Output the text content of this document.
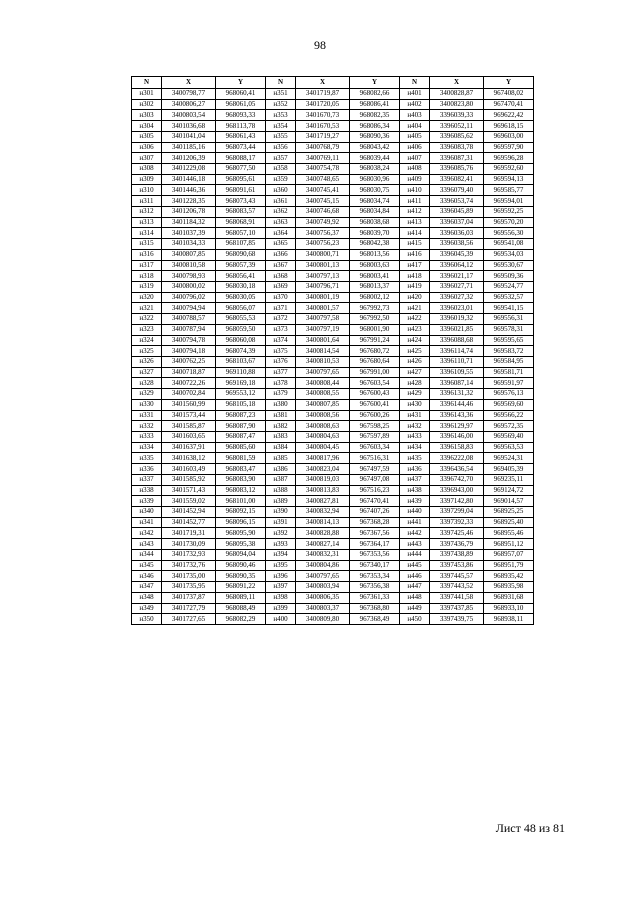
98
N	X	Y	N	X	Y	N	X	Y
н301	3400798,77	968060,41	н351	3401719,87	968082,66	н401	3400828,87	967408,02
н302	3400806,27	968061,05	н352	3401720,05	968086,41	н402	3400823,80	967470,41
н303	3400803,54	968093,33	н353	3401670,73	968082,35	н403	3396039,33	969622,42
н304	3401036,68	968113,78	н354	3401670,53	968086,34	н404	3396052,11	969618,15
н305	3401041,04	968061,43	н355	3401719,27	968090,36	н405	3396085,62	969603,00
н306	3401185,16	968073,44	н356	3400768,79	968043,42	н406	3396083,78	969597,90
н307	3401206,39	968088,17	н357	3400769,11	968039,44	н407	3396087,31	969596,28
н308	3401229,08	968077,50	н358	3400754,78	968038,24	н408	3396085,76	969592,60
н309	3401446,18	968095,61	н359	3400748,65	968030,96	н409	3396082,41	969594,13
н310	3401446,36	968091,61	н360	3400745,41	968030,75	н410	3396079,40	969585,77
н311	3401228,35	968073,43	н361	3400745,15	968034,74	н411	3396053,74	969594,01
н312	3401206,78	968083,57	н362	3400746,68	968034,84	н412	3396045,89	969592,25
н313	3401184,32	968068,91	н363	3400749,92	968038,68	н413	3396037,04	969570,20
н314	3401037,39	968057,10	н364	3400756,37	968039,70	н414	3396036,03	969556,30
н315	3401034,33	968107,85	н365	3400756,23	968042,38	н415	3396038,56	969541,08
н316	3400807,85	968090,68	н366	3400800,71	968013,56	н416	3396045,39	969534,03
н317	3400810,58	968057,39	н367	3400801,13	968003,63	н417	3396064,12	969530,67
н318	3400798,93	968056,41	н368	3400797,13	968003,41	н418	3396021,17	969509,36
н319	3400800,02	968030,18	н369	3400796,71	968013,37	н419	3396027,71	969524,77
н320	3400796,02	968030,05	н370	3400801,19	968002,12	н420	3396027,32	969532,57
н321	3400794,94	968056,07	н371	3400801,57	967992,73	н421	3396023,01	969541,15
н322	3400788,57	968055,53	н372	3400797,58	967992,50	н422	3396019,32	969556,31
н323	3400787,94	968059,50	н373	3400797,19	968001,90	н423	3396021,85	969578,31
н324	3400794,78	968060,08	н374	3400801,64	967991,24	н424	3396088,68	969595,65
н325	3400794,18	968074,39	н375	3400814,54	967680,72	н425	3396114,74	969583,72
н326	3400762,25	968103,67	н376	3400810,53	967680,64	н426	3396110,71	969584,95
н327	3400718,87	969110,88	н377	3400797,65	967991,00	н427	3396109,55	969581,71
н328	3400722,26	969169,18	н378	3400808,44	967603,54	н428	3396087,14	969591,97
н329	3400702,84	969553,12	н379	3400808,55	967600,43	н429	3396131,32	969576,13
н330	3401560,99	968105,18	н380	3400807,85	967600,41	н430	3396144,46	969569,60
н331	3401573,44	968087,23	н381	3400808,56	967600,26	н431	3396143,36	969566,22
н332	3401585,87	968087,90	н382	3400808,63	967598,25	н432	3396129,97	969572,35
н333	3401603,65	968087,47	н383	3400804,63	967597,89	н433	3396146,00	969569,40
н334	3401637,91	968085,60	н384	3400804,45	967603,34	н434	3396158,83	969563,53
н335	3401638,12	968081,59	н385	3400817,96	967516,31	н435	3396222,08	969524,31
н336	3401603,49	968083,47	н386	3400823,04	967497,59	н436	3396436,54	969405,39
н337	3401585,92	968083,90	н387	3400819,03	967497,08	н437	3396742,70	969235,11
н338	3401571,43	968083,12	н388	3400813,83	967516,23	н438	3396943,00	969124,72
н339	3401559,02	968101,00	н389	3400827,81	967470,41	н439	3397142,80	969014,57
н340	3401452,94	968092,15	н390	3400832,94	967407,26	н440	3397299,04	968925,25
н341	3401452,77	968096,15	н391	3400814,13	967368,28	н441	3397392,33	968925,40
н342	3401719,31	968095,90	н392	3400828,88	967367,56	н442	3397425,46	968955,46
н343	3401730,09	968095,38	н393	3400827,14	967364,17	н443	3397436,79	968951,12
н344	3401732,93	968094,04	н394	3400832,31	967353,56	н444	3397438,89	968957,07
н345	3401732,76	968090,46	н395	3400804,86	967340,17	н445	3397453,86	968951,79
н346	3401735,00	968090,35	н396	3400797,65	967353,34	н446	3397445,57	968935,42
н347	3401735,95	968091,22	н397	3400803,94	967356,38	н447	3397443,52	968935,98
н348	3401737,87	968089,11	н398	3400806,35	967361,33	н448	3397441,58	968931,68
н349	3401727,79	968088,49	н399	3400803,37	967368,80	н449	3397437,85	968933,10
н350	3401727,65	968082,29	н400	3400809,80	967368,49	н450	3397439,75	968938,11
Лист 48 из 81
